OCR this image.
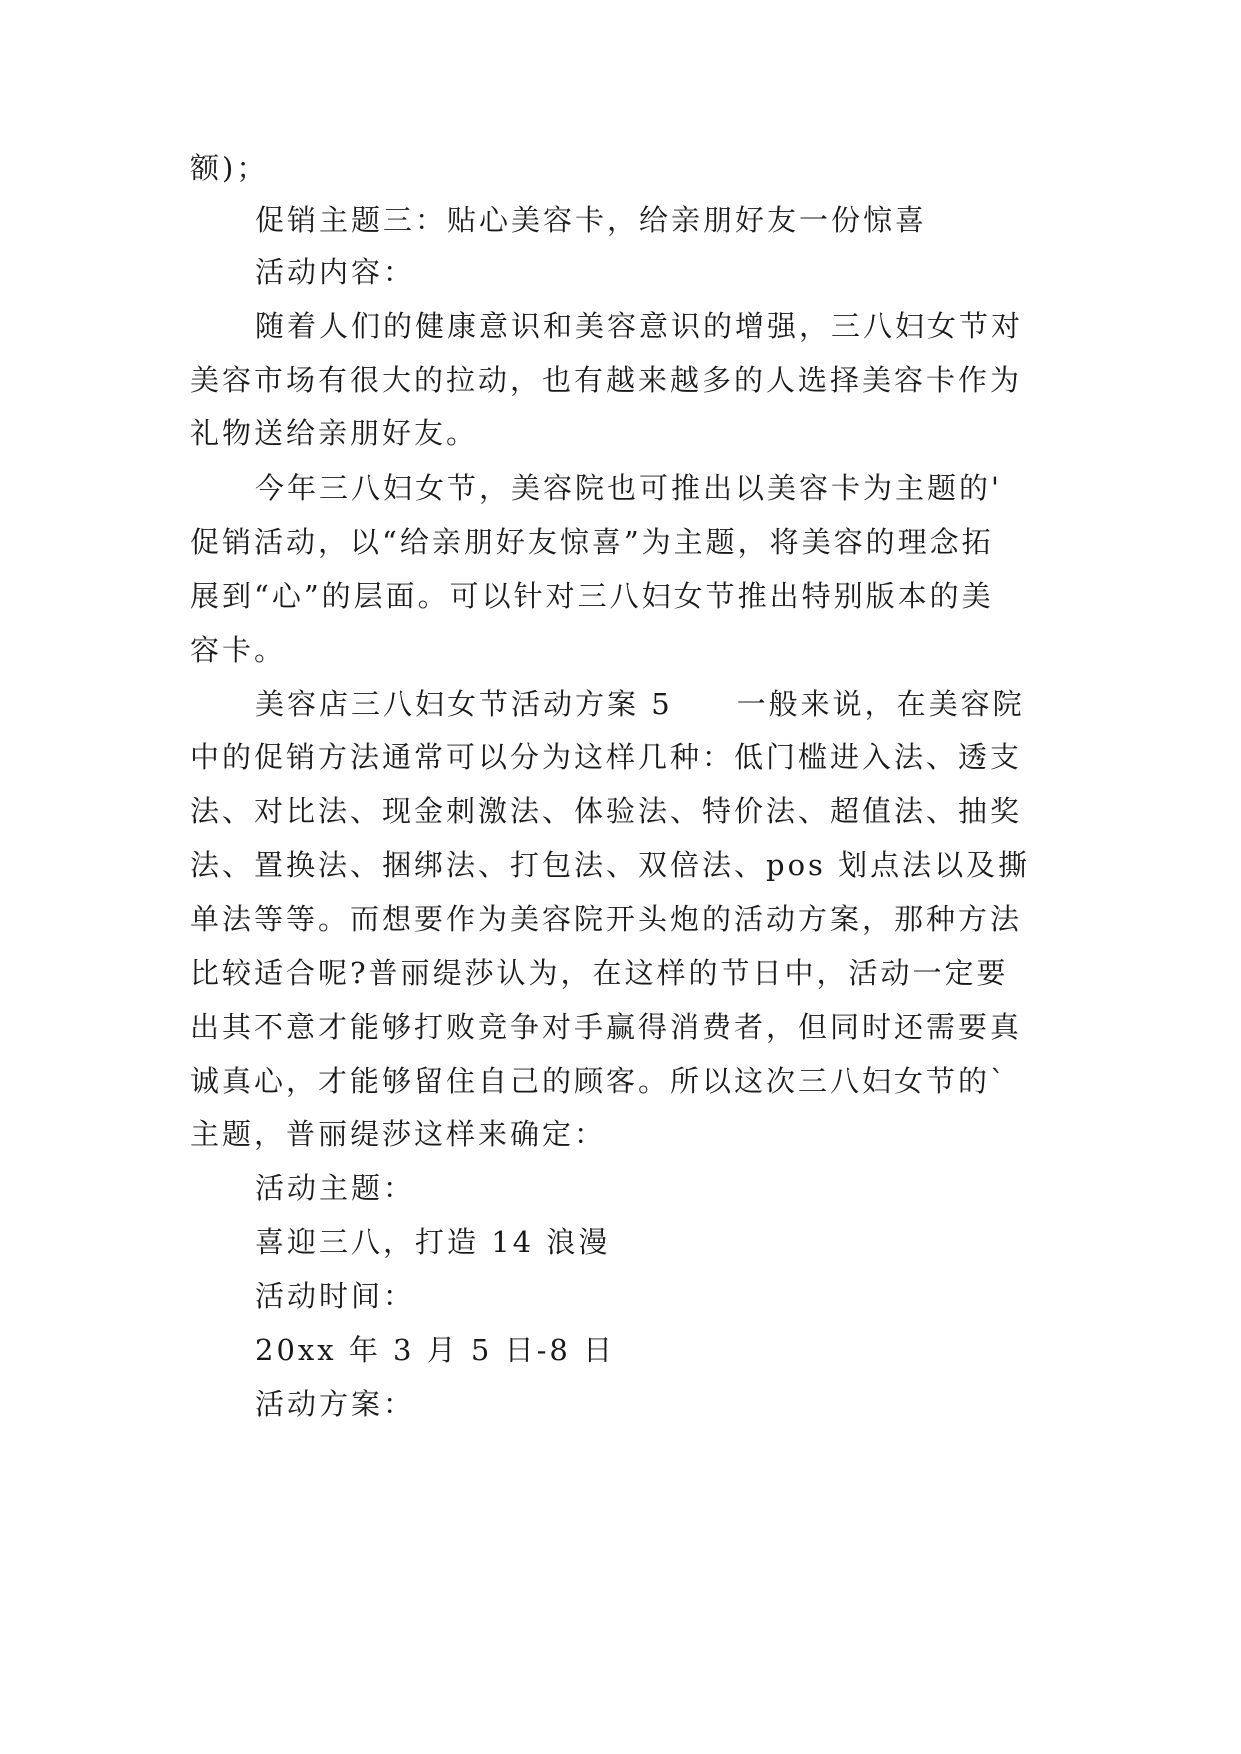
额)；
促销主题三：贴心美容卡，给亲朋好友一份惊喜
活动内容：
随着人们的健康意识和美容意识的增强，三八妇女节对
美容市场有很大的拉动，也有越来越多的人选择美容卡作为
礼物送给亲朋好友。
今年三八妇女节，美容院也可推出以美容卡为主题的'
促销活动，以“给亲朋好友惊喜”为主题，将美容的理念拓
展到“心”的层面。可以针对三八妇女节推出特别版本的美
容卡。
美容店三八妇女节活动方案 5　　一般来说，在美容院
中的促销方法通常可以分为这样几种：低门槛进入法、透支
法、对比法、现金刺激法、体验法、特价法、超值法、抽奖
法、置换法、捆绑法、打包法、双倍法、pos 划点法以及撕
单法等等。而想要作为美容院开头炮的活动方案，那种方法
比较适合呢?普丽缇莎认为，在这样的节日中，活动一定要
出其不意才能够打败竞争对手赢得消费者，但同时还需要真
诚真心，才能够留住自己的顾客。所以这次三八妇女节的`
主题，普丽缇莎这样来确定：
活动主题：
喜迎三八，打造 14 浪漫
活动时间：
20xx 年 3 月 5 日-8 日
活动方案：
